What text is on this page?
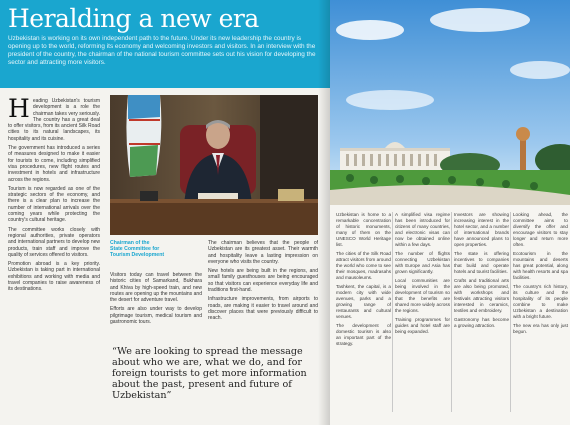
Heralding a new era

Uzbekistan is working on its own independent path to the future. Under its new leadership the country is opening up to the world, reforming its economy and welcoming investors and visitors. In an interview with the president of the country, the chairman of the national tourism committee sets out his vision for developing the sector and attracting more visitors.

H eading Uzbekistan's tourism development is a role the chairman takes very seriously. The country has a great deal to offer visitors, from its ancient Silk Road cities to its natural landscapes, its hospitality and its cuisine.

The government has introduced a series of measures designed to make it easier for tourists to come, including simplified visa procedures, new flight routes and investment in hotels and infrastructure across the regions.

Tourism is now regarded as one of the strategic sectors of the economy, and there is a clear plan to increase the number of international arrivals over the coming years while protecting the country's cultural heritage.

The committee works closely with regional authorities, private operators and international partners to develop new products, train staff and improve the quality of services offered to visitors.

Promotion abroad is a key priority. Uzbekistan is taking part in international exhibitions and working with media and travel companies to raise awareness of its destinations.

Chairman of the
State Committee for
Tourism Development

Visitors today can travel between the historic cities of Samarkand, Bukhara and Khiva by high-speed train, and new routes are opening up the mountains and the desert for adventure travel.

Efforts are also under way to develop pilgrimage tourism, medical tourism and gastronomic tours.

The chairman believes that the people of Uzbekistan are its greatest asset. Their warmth and hospitality leave a lasting impression on everyone who visits the country.

New hotels are being built in the regions, and small family guesthouses are being encouraged so that visitors can experience everyday life and traditions first-hand.

Infrastructure improvements, from airports to roads, are making it easier to travel around and discover places that were previously difficult to reach.

“We are looking to spread the message about who we are, what we do, and for foreign tourists to get more information about the past, present and future of Uzbekistan”

Uzbekistan is home to a remarkable concentration of historic monuments, many of them on the UNESCO World Heritage list.

The cities of the Silk Road attract visitors from around the world who come to see their mosques, madrasahs and mausoleums.

Tashkent, the capital, is a modern city with wide avenues, parks and a growing range of restaurants and cultural venues.

The development of domestic tourism is also an important part of the strategy.

A simplified visa regime has been introduced for citizens of many countries, and electronic visas can now be obtained online within a few days.

The number of flights connecting Uzbekistan with Europe and Asia has grown significantly.

Local communities are being involved in the development of tourism so that the benefits are shared more widely across the regions.

Training programmes for guides and hotel staff are being expanded.

Investors are showing increasing interest in the hotel sector, and a number of international brands have announced plans to open properties.

The state is offering incentives to companies that build and operate hotels and tourist facilities.

Crafts and traditional arts are also being promoted, with workshops and festivals attracting visitors interested in ceramics, textiles and embroidery.

Gastronomy has become a growing attraction.

Looking ahead, the committee aims to diversify the offer and encourage visitors to stay longer and return more often.

Ecotourism in the mountains and deserts has great potential, along with health resorts and spa facilities.

The country's rich history, its culture and the hospitality of its people combine to make Uzbekistan a destination with a bright future.

The new era has only just begun.
